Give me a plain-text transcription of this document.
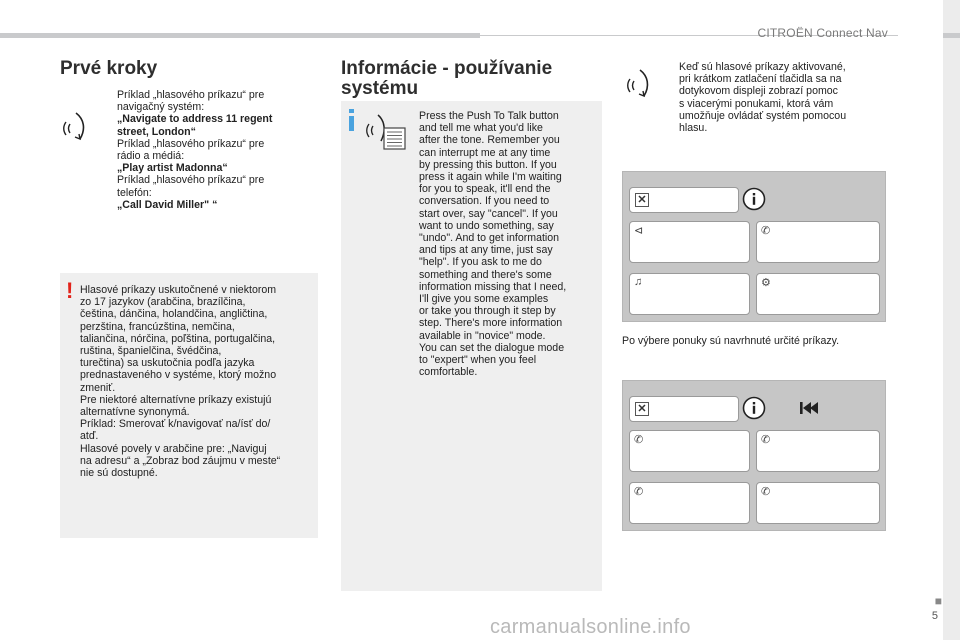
CITROËN Connect Nav
Prvé kroky
Príklad „hlasového príkazu“ pre
navigačný systém:
„Navigate to address 11 regent
street, London“
Príklad „hlasového príkazu“ pre
rádio a médiá:
„Play artist Madonna“
Príklad „hlasového príkazu“ pre
telefón:
„Call David Miller" “
! Hlasové príkazy uskutočnené v niektorom
zo 17 jazykov (arabčina, brazílčina,
čeština, dánčina, holandčina, angličtina,
perzština, francúzština, nemčina,
taliančina, nórčina, poľština, portugalčina,
ruština, španielčina, švédčina,
turečtina) sa uskutočnia podľa jazyka
prednastaveného v systéme, ktorý možno
zmeniť.
Pre niektoré alternatívne príkazy existujú
alternatívne synonymá.
Príklad: Smerovať k/navigovať na/ísť do/
atď.
Hlasové povely v arabčine pre: „Naviguj
na adresu“ a „Zobraz bod záujmu v meste“
nie sú dostupné.
Informácie - používanie
systému
Press the Push To Talk button
and tell me what you'd like
after the tone. Remember you
can interrupt me at any time
by pressing this button. If you
press it again while I'm waiting
for you to speak, it'll end the
conversation. If you need to
start over, say "cancel". If you
want to undo something, say
"undo". And to get information
and tips at any time, just say
"help". If you ask to me do
something and there's some
information missing that I need,
I'll give you some examples
or take you through it step by
step. There's more information
available in "novice" mode.
You can set the dialogue mode
to "expert" when you feel
comfortable.
Keď sú hlasové príkazy aktivované,
pri krátkom zatlačení tlačidla sa na
dotykovom displeji zobrazí pomoc
s viacerými ponukami, ktorá vám
umožňuje ovládať systém pomocou
hlasu.
✕
⊲	✆
♫	⚙
Po výbere ponuky sú navrhnuté určité príkazy.
✕
✆	✆
✆	✆
■
5
carmanualsonline.info
